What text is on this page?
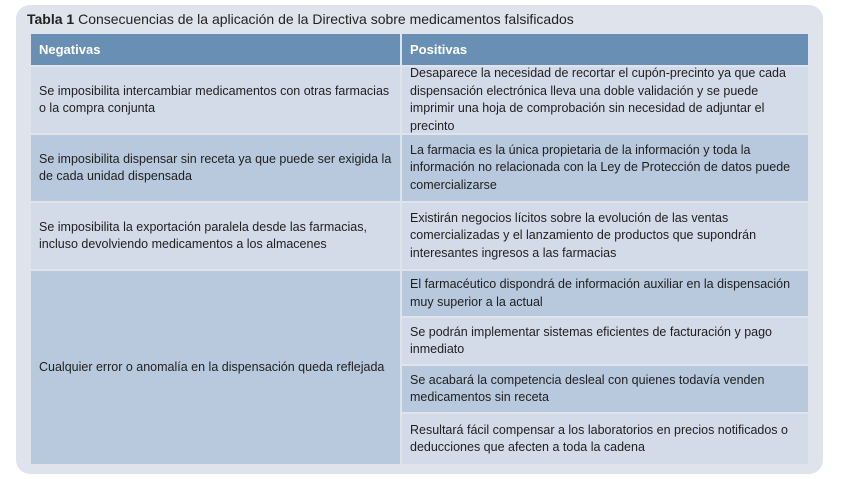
Tabla 1 Consecuencias de la aplicación de la Directiva sobre medicamentos falsificados
Negativas	Positivas
Se imposibilita intercambiar medicamentos con otras farmacias o la compra conjunta
Desaparece la necesidad de recortar el cupón-precinto ya que cada dispensación electrónica lleva una doble validación y se puede imprimir una hoja de comprobación sin necesidad de adjuntar el precinto
Se imposibilita dispensar sin receta ya que puede ser exigida la de cada unidad dispensada
La farmacia es la única propietaria de la información y toda la información no relacionada con la Ley de Protección de datos puede comercializarse
Se imposibilita la exportación paralela desde las farmacias, incluso devolviendo medicamentos a los almacenes
Existirán negocios lícitos sobre la evolución de las ventas comercializadas y el lanzamiento de productos que supondrán interesantes ingresos a las farmacias
Cualquier error o anomalía en la dispensación queda reflejada
El farmacéutico dispondrá de información auxiliar en la dispensación muy superior a la actual
Se podrán implementar sistemas eficientes de facturación y pago inmediato
Se acabará la competencia desleal con quienes todavía venden medicamentos sin receta
Resultará fácil compensar a los laboratorios en precios notificados o deducciones que afecten a toda la cadena
